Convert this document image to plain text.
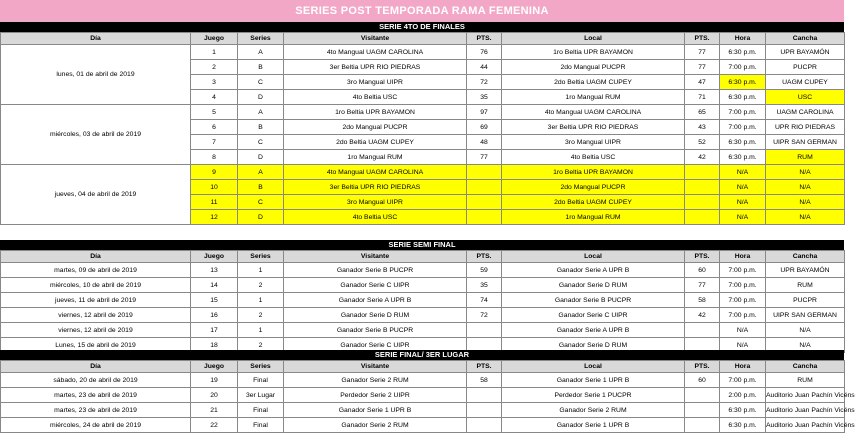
SERIES POST TEMPORADA RAMA FEMENINA
SERIE 4TO DE FINALES
Día	Juego	Series	Visitante	PTS.	Local	PTS.	Hora	Cancha
lunes, 01 de abril de 2019	1	A	4to Mangual UAGM CAROLINA	76	1ro Beltia UPR BAYAMON	77	6:30 p.m.	UPR BAYAMÓN
	2	B	3er Beltia UPR RIO PIEDRAS	44	2do Mangual PUCPR	77	7:00 p.m.	PUCPR
	3	C	3ro Mangual UIPR	72	2do Beltia UAGM CUPEY	47	6:30 p.m.	UAGM CUPEY
	4	D	4to Beltia USC	35	1ro Mangual RUM	71	6:30 p.m.	USC
miércoles, 03 de abril de 2019	5	A	1ro Beltia UPR BAYAMON	97	4to Mangual UAGM CAROLINA	65	7:00 p.m.	UAGM CAROLINA
	6	B	2do Mangual PUCPR	69	3er Beltia UPR RIO PIEDRAS	43	7:00 p.m.	UPR RIO PIEDRAS
	7	C	2do Beltia UAGM CUPEY	48	3ro Mangual UIPR	52	6:30 p.m.	UIPR SAN GERMAN
	8	D	1ro Mangual RUM	77	4to Beltia USC	42	6:30 p.m.	RUM
jueves, 04 de abril de 2019	9	A	4to Mangual UAGM CAROLINA		1ro Beltia UPR BAYAMON		N/A	N/A
	10	B	3er Beltia UPR RIO PIEDRAS		2do Mangual PUCPR		N/A	N/A
	11	C	3ro Mangual UIPR		2do Beltia UAGM CUPEY		N/A	N/A
	12	D	4to Beltia USC		1ro Mangual RUM		N/A	N/A
SERIE SEMI FINAL
Día	Juego	Series	Visitante	PTS.	Local	PTS.	Hora	Cancha
martes, 09 de abril de 2019	13	1	Ganador Serie B PUCPR	59	Ganador Serie A UPR B	60	7:00 p.m.	UPR BAYAMÓN
miércoles, 10 de abril de 2019	14	2	Ganador Serie C UIPR	35	Ganador Serie D RUM	77	7:00 p.m.	RUM
jueves, 11 de abril de 2019	15	1	Ganador Serie A UPR B	74	Ganador Serie B PUCPR	58	7:00 p.m.	PUCPR
viernes, 12 abril de 2019	16	2	Ganador Serie D RUM	72	Ganador Serie C UIPR	42	7:00 p.m.	UIPR SAN GERMAN
viernes, 12 abril de 2019	17	1	Ganador Serie B PUCPR		Ganador Serie A UPR B		N/A	N/A
Lunes, 15 de abril de 2019	18	2	Ganador Serie C UIPR		Ganador Serie D RUM		N/A	N/A
SERIE FINAL/ 3ER LUGAR
Día	Juego	Series	Visitante	PTS.	Local	PTS.	Hora	Cancha
sábado, 20 de abril de 2019	19	Final	Ganador Serie 2 RUM	58	Ganador Serie 1 UPR B	60	7:00 p.m.	RUM
martes, 23 de abril de 2019	20	3er Lugar	Perdedor Serie 2 UIPR		Perdedor Serie 1 PUCPR		2:00 p.m.	Auditorio Juan Pachín Vicéns
martes, 23 de abril de 2019	21	Final	Ganador Serie 1 UPR B		Ganador Serie 2 RUM		6:30 p.m.	Auditorio Juan Pachín Vicéns
miércoles, 24 de abril de 2019	22	Final	Ganador Serie 2 RUM		Ganador Serie 1 UPR B		6:30 p.m.	Auditorio Juan Pachín Vicéns
